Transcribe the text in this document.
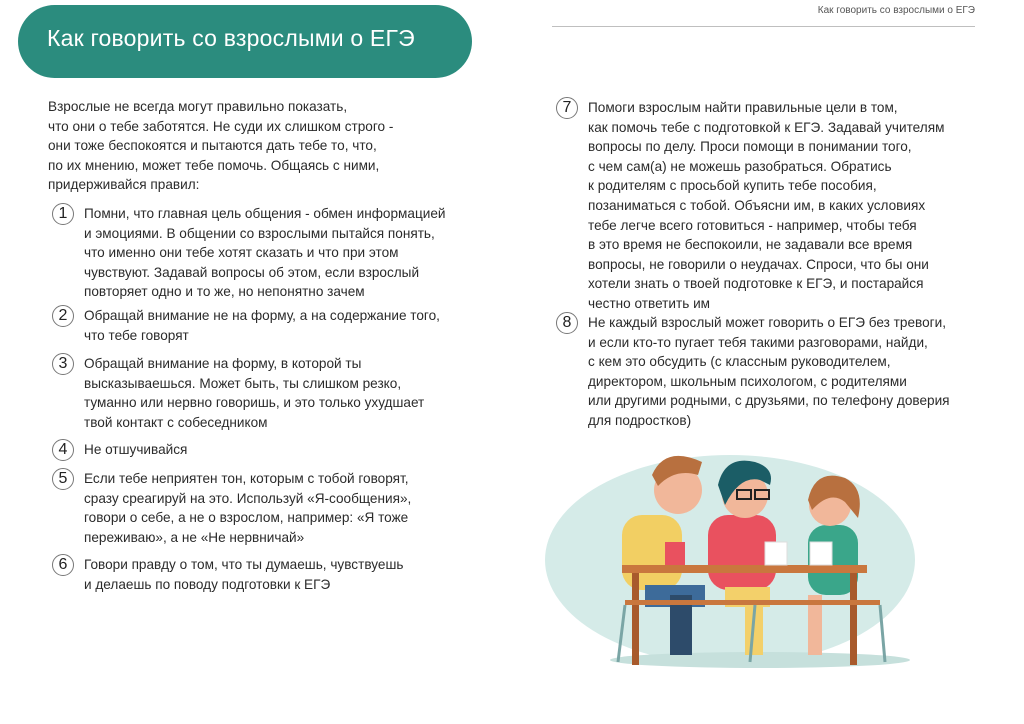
Как говорить со взрослыми о ЕГЭ
Как говорить со взрослыми о ЕГЭ
Взрослые не всегда могут правильно показать,
что они о тебе заботятся. Не суди их слишком строго -
они тоже беспокоятся и пытаются дать тебе то, что,
по их мнению, может тебе помочь. Общаясь с ними,
придерживайся правил:
1	Помни, что главная цель общения - обмен информацией
и эмоциями. В общении со взрослыми пытайся понять,
что именно они тебе хотят сказать и что при этом
чувствуют. Задавай вопросы об этом, если взрослый
повторяет одно и то же, но непонятно зачем
2	Обращай внимание не на форму, а на содержание того,
что тебе говорят
3	Обращай внимание на форму, в которой ты
высказываешься. Может быть, ты слишком резко,
туманно или нервно говоришь, и это только ухудшает
твой контакт с собеседником
4	Не отшучивайся
5	Если тебе неприятен тон, которым с тобой говорят,
сразу среагируй на это. Используй «Я-сообщения»,
говори о себе, а не о взрослом, например: «Я тоже
переживаю», а не «Не нервничай»
6	Говори правду о том, что ты думаешь, чувствуешь
и делаешь по поводу подготовки к ЕГЭ
7	Помоги взрослым найти правильные цели в том,
как помочь тебе с подготовкой к ЕГЭ. Задавай учителям
вопросы по делу. Проси помощи в понимании того,
с чем сам(а) не можешь разобраться. Обратись
к родителям с просьбой купить тебе пособия,
позаниматься с тобой. Объясни им, в каких условиях
тебе легче всего готовиться - например, чтобы тебя
в это время не беспокоили, не задавали все время
вопросы, не говорили о неудачах. Спроси, что бы они
хотели знать о твоей подготовке к ЕГЭ, и постарайся
честно ответить им
8	Не каждый взрослый может говорить о ЕГЭ без тревоги,
и если кто-то пугает тебя такими разговорами, найди,
с кем это обсудить (с классным руководителем,
директором, школьным психологом, с родителями
или другими родными, с друзьями, по телефону доверия
для подростков)
